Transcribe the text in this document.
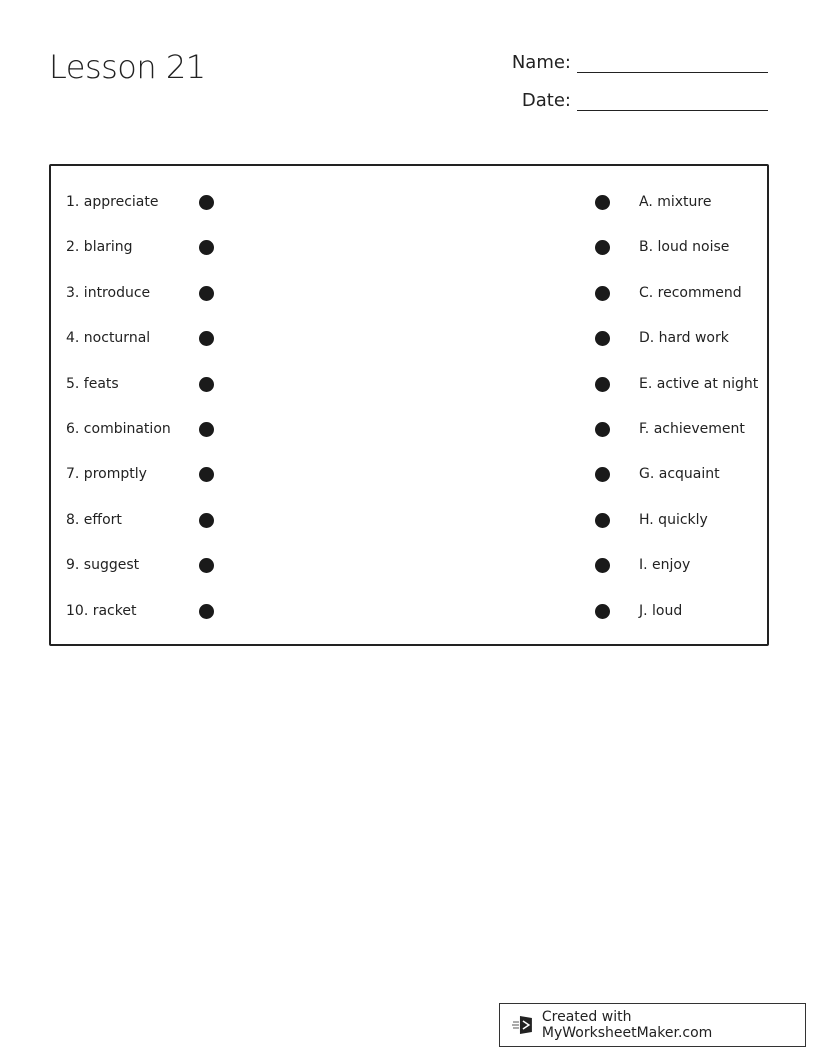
Lesson 21	Name:
Date:
1. appreciate	A. mixture
2. blaring	B. loud noise
3. introduce	C. recommend
4. nocturnal	D. hard work
5. feats	E. active at night
6. combination	F. achievement
7. promptly	G. acquaint
8. effort	H. quickly
9. suggest	I. enjoy
10. racket	J. loud
Created with MyWorksheetMaker.com
